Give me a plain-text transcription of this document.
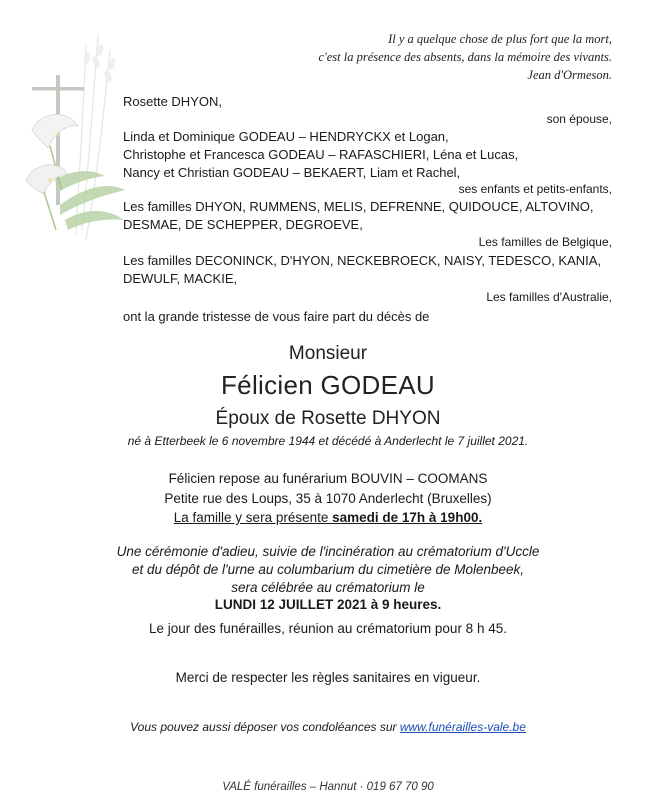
Il y a quelque chose de plus fort que la mort,
c'est la présence des absents, dans la mémoire des vivants.
Jean d'Ormeson.
Rosette DHYON,
son épouse,
Linda et Dominique GODEAU – HENDRYCKX et Logan,
Christophe et Francesca GODEAU – RAFASCHIERI, Léna et Lucas,
Nancy et Christian GODEAU – BEKAERT, Liam et Rachel,
ses enfants et petits-enfants,
Les familles DHYON, RUMMENS, MELIS, DEFRENNE, QUIDOUCE, ALTOVINO,
DESMAE, DE SCHEPPER, DEGROEVE,
Les familles de Belgique,
Les familles DECONINCK, D'HYON, NECKEBROECK, NAISY, TEDESCO, KANIA,
DEWULF, MACKIE,
Les familles d'Australie,
ont la grande tristesse de vous faire part du décès de
Monsieur
Félicien GODEAU
Époux de Rosette DHYON
né à Etterbeek le 6 novembre 1944 et décédé à Anderlecht le 7 juillet 2021.
Félicien repose au funérarium BOUVIN – COOMANS
Petite rue des Loups, 35 à 1070 Anderlecht (Bruxelles)
La famille y sera présente samedi de 17h à 19h00.
Une cérémonie d'adieu, suivie de l'incinération au crématorium d'Uccle
et du dépôt de l'urne au columbarium du cimetière de Molenbeek,
sera célébrée au crématorium le
LUNDI 12 JUILLET 2021 à 9 heures.
Le jour des funérailles, réunion au crématorium pour 8 h 45.
Merci de respecter les règles sanitaires en vigueur.
Vous pouvez aussi déposer vos condoléances sur www.funérailles-vale.be
VALÉ funérailles – Hannut · 019 67 70 90
